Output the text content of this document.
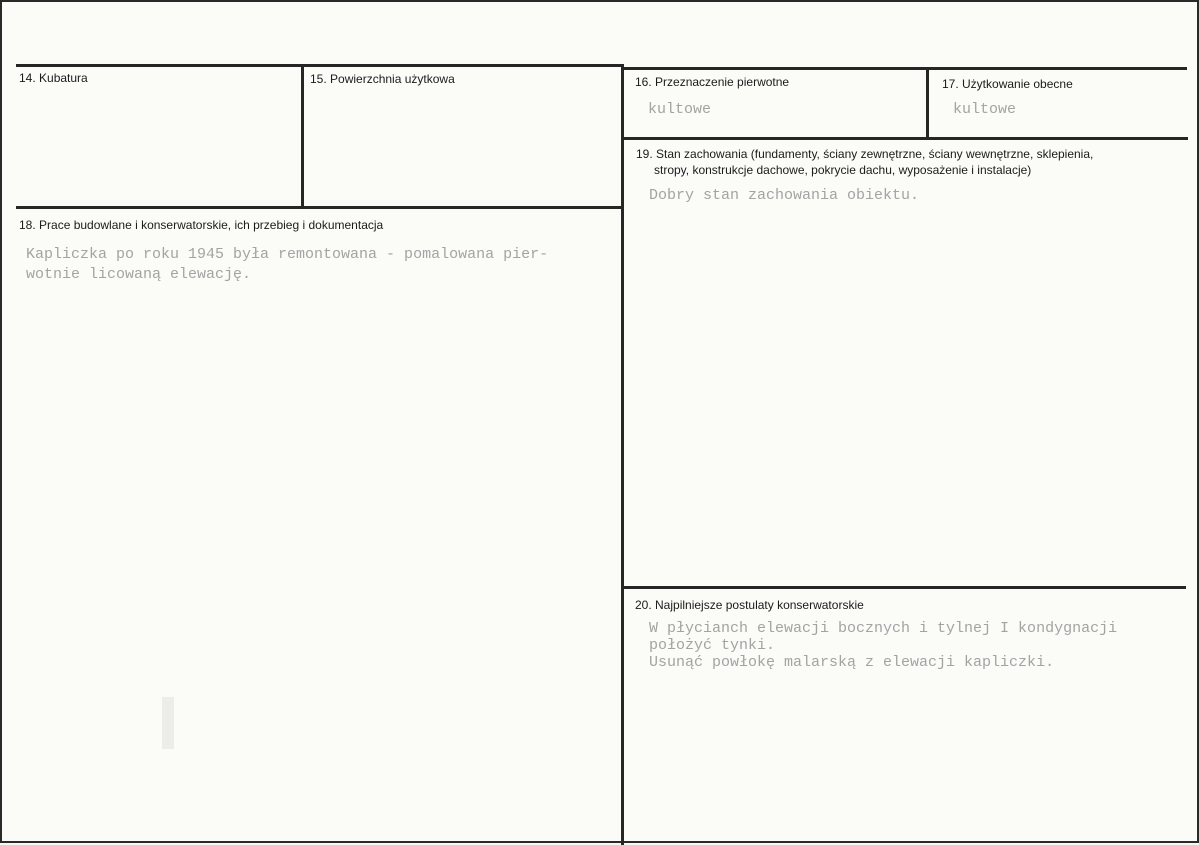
14. Kubatura	15. Powierzchnia użytkowa	16. Przeznaczenie pierwotne
kultowe
17. Użytkowanie obecne
kultowe
18. Prace budowlane i konserwatorskie, ich przebieg i dokumentacja
Kapliczka po roku 1945 była remontowana - pomalowana pier-
wotnie licowaną elewację.
19. Stan zachowania (fundamenty, ściany zewnętrzne, ściany wewnętrzne, sklepienia,
stropy, konstrukcje dachowe, pokrycie dachu, wyposażenie i instalacje)
Dobry stan zachowania obiektu.
20. Najpilniejsze postulaty konserwatorskie
W płycianch elewacji bocznych i tylnej I kondygnacji
położyć tynki.
Usunąć powłokę malarską z elewacji kapliczki.
